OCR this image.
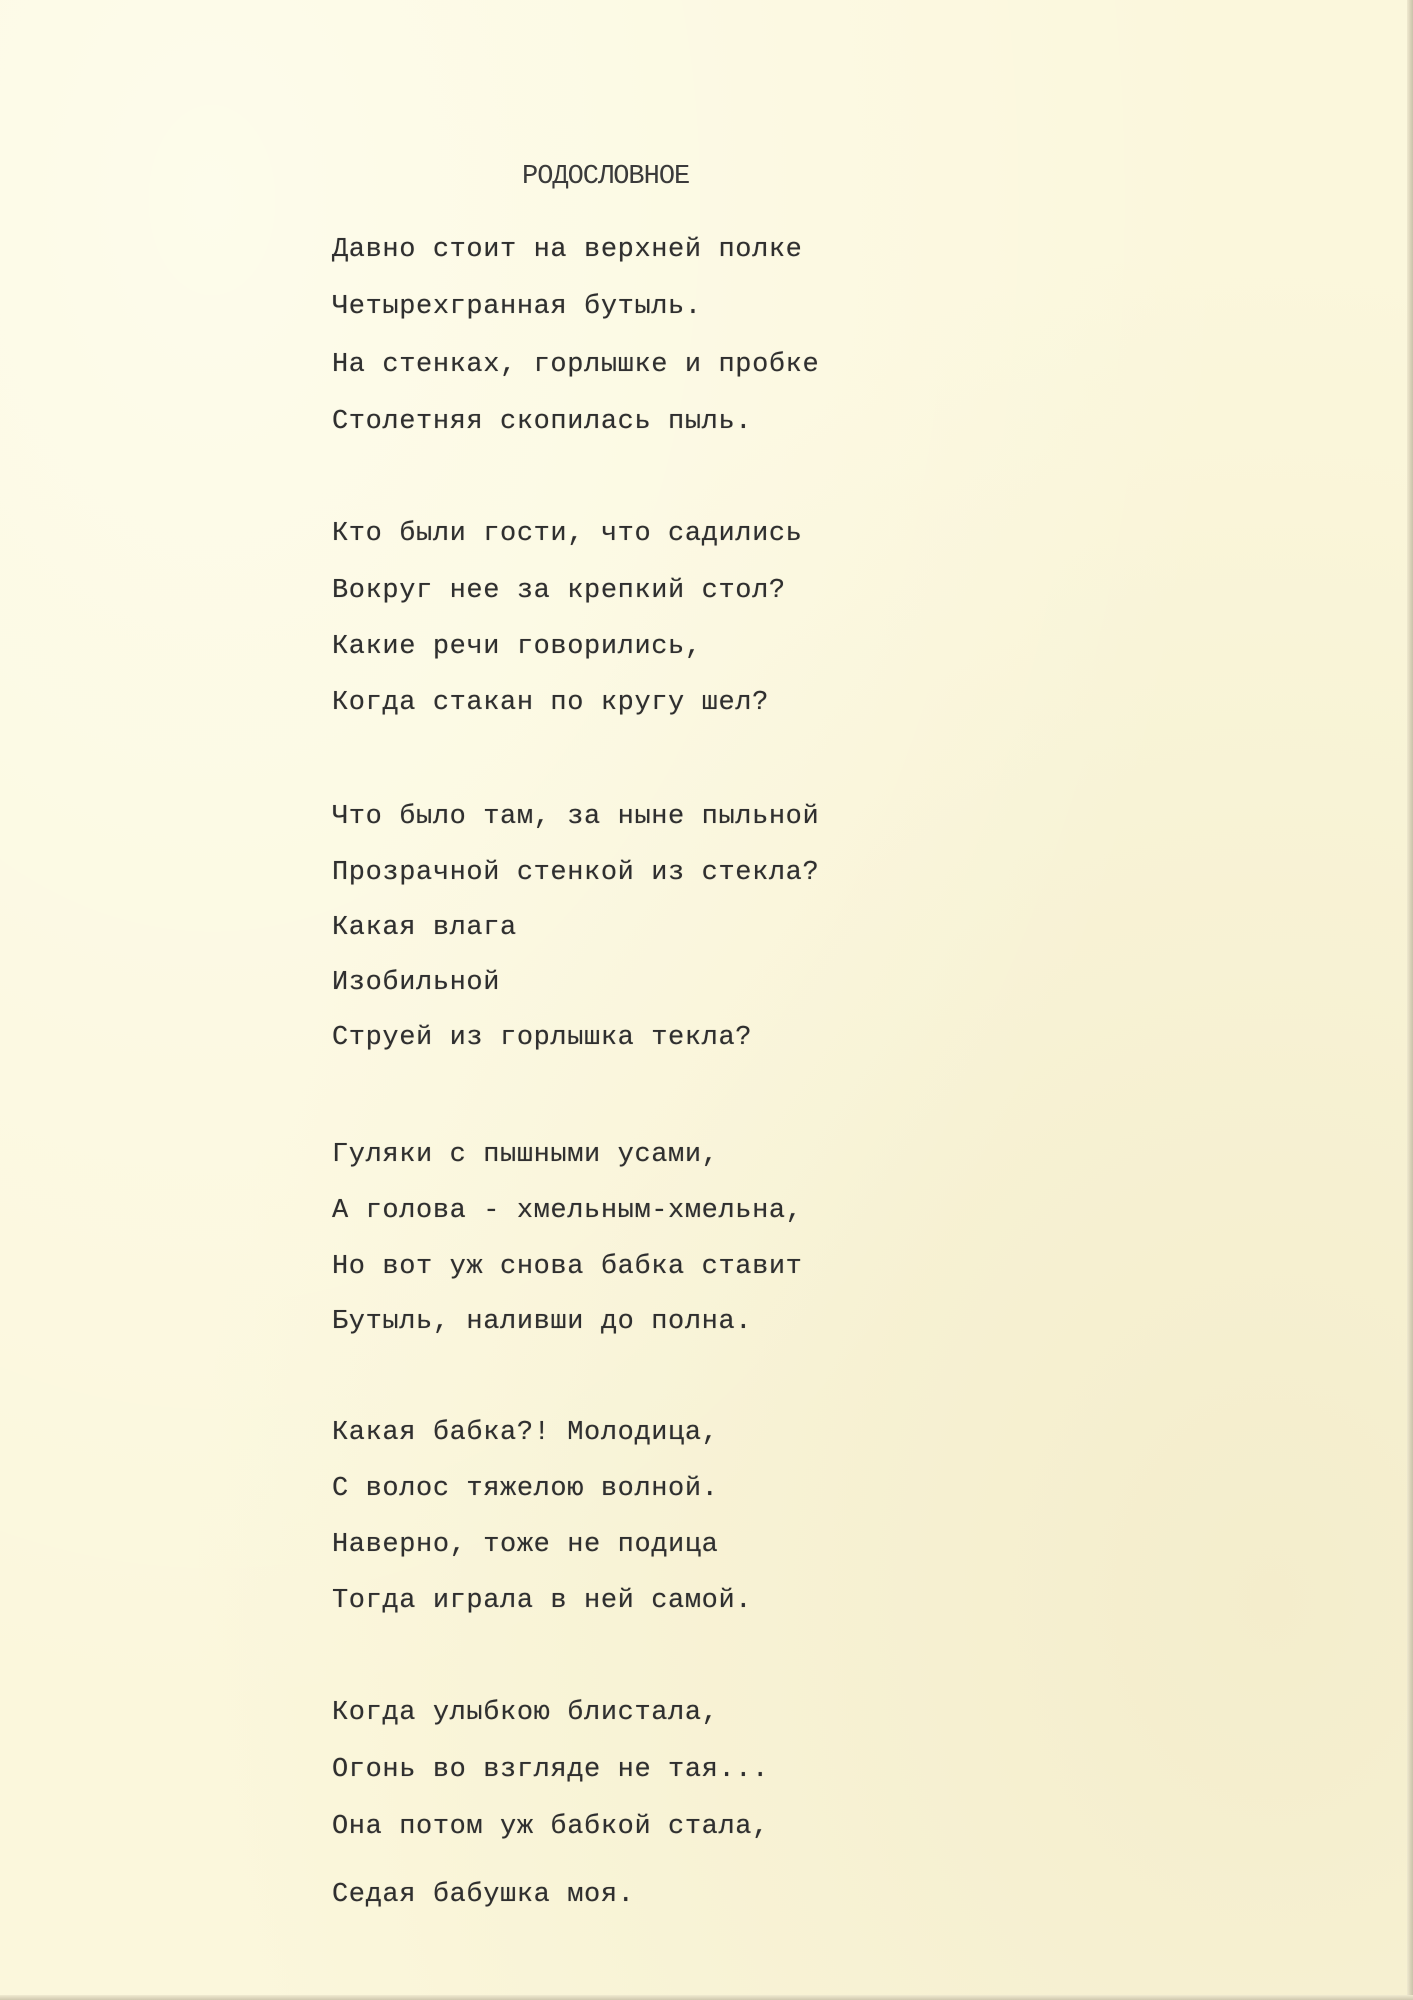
РОДОСЛОВНОЕ
Давно стоит на верхней полке
Четырехгранная бутыль.
На стенках, горлышке и пробке
Столетняя скопилась пыль.
Кто были гости, что садились
Вокруг нее за крепкий стол?
Какие речи говорились,
Когда стакан по кругу шел?
Что было там, за ныне пыльной
Прозрачной стенкой из стекла?
Какая влага
Изобильной
Струей из горлышка текла?
Гуляки с пышными усами,
А голова - хмельным-хмельна,
Но вот уж снова бабка ставит
Бутыль, наливши до полна.
Какая бабка?! Молодица,
С волос тяжелою волной.
Наверно, тоже не подица
Тогда играла в ней самой.
Когда улыбкою блистала,
Огонь во взгляде не тая...
Она потом уж бабкой стала,
Седая бабушка моя.
